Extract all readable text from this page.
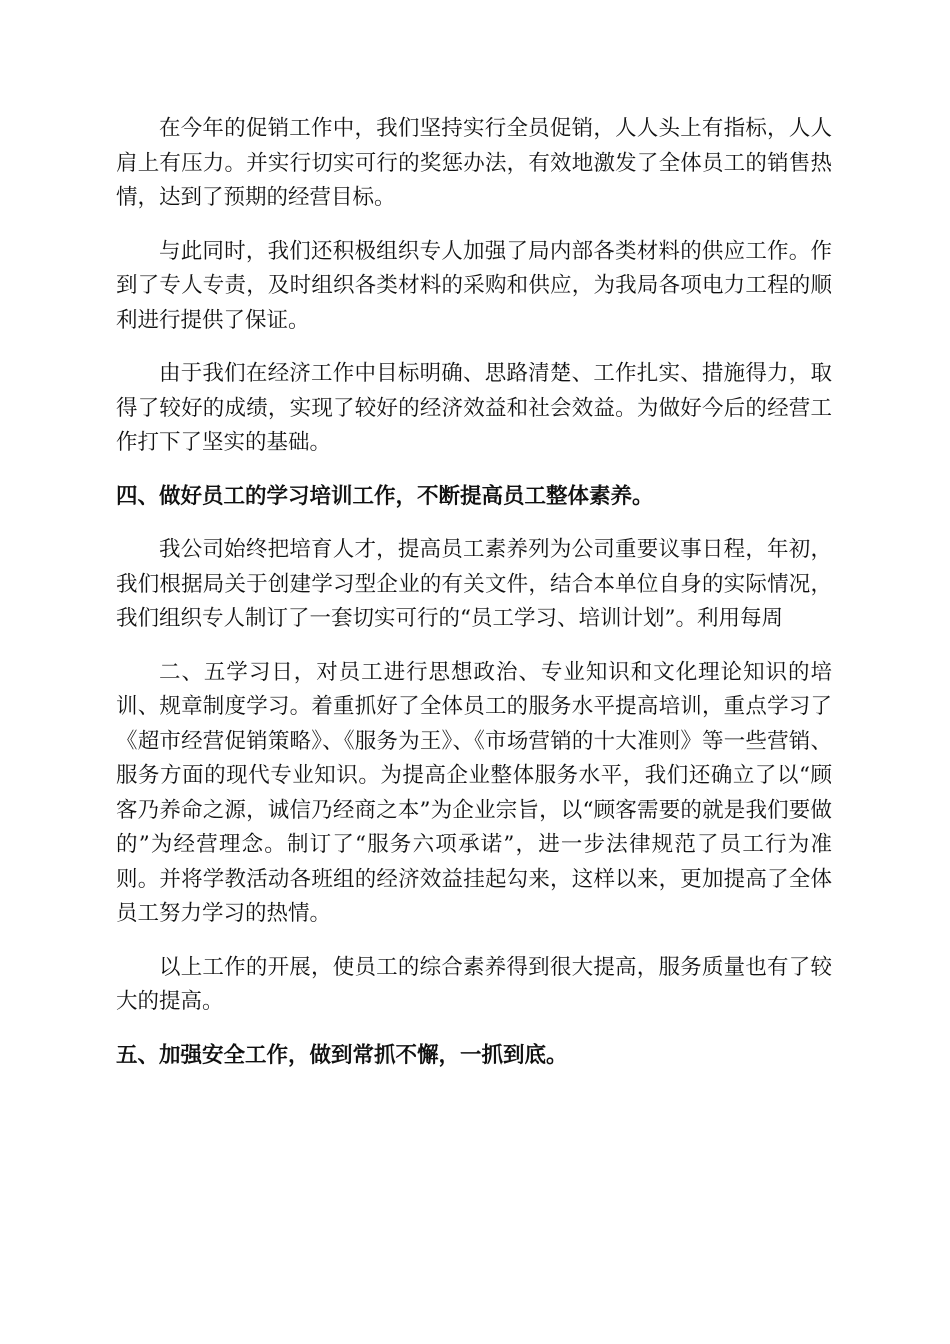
在今年的促销工作中，我们坚持实行全员促销，人人头上有指标，人人肩上有压力。并实行切实可行的奖惩办法，有效地激发了全体员工的销售热情，达到了预期的经营目标。

与此同时，我们还积极组织专人加强了局内部各类材料的供应工作。作到了专人专责，及时组织各类材料的采购和供应，为我局各项电力工程的顺利进行提供了保证。

由于我们在经济工作中目标明确、思路清楚、工作扎实、措施得力，取得了较好的成绩，实现了较好的经济效益和社会效益。为做好今后的经营工作打下了坚实的基础。

四、做好员工的学习培训工作，不断提高员工整体素养。

我公司始终把培育人才，提高员工素养列为公司重要议事日程，年初，我们根据局关于创建学习型企业的有关文件，结合本单位自身的实际情况，我们组织专人制订了一套切实可行的“员工学习、培训计划”。利用每周

二、五学习日，对员工进行思想政治、专业知识和文化理论知识的培训、规章制度学习。着重抓好了全体员工的服务水平提高培训，重点学习了《超市经营促销策略》、《服务为王》、《市场营销的十大准则》等一些营销、服务方面的现代专业知识。为提高企业整体服务水平，我们还确立了以“顾客乃养命之源，诚信乃经商之本”为企业宗旨，以“顾客需要的就是我们要做的”为经营理念。制订了“服务六项承诺”，进一步法律规范了员工行为准则。并将学教活动各班组的经济效益挂起勾来，这样以来，更加提高了全体员工努力学习的热情。

以上工作的开展，使员工的综合素养得到很大提高，服务质量也有了较大的提高。

五、加强安全工作，做到常抓不懈，一抓到底。
